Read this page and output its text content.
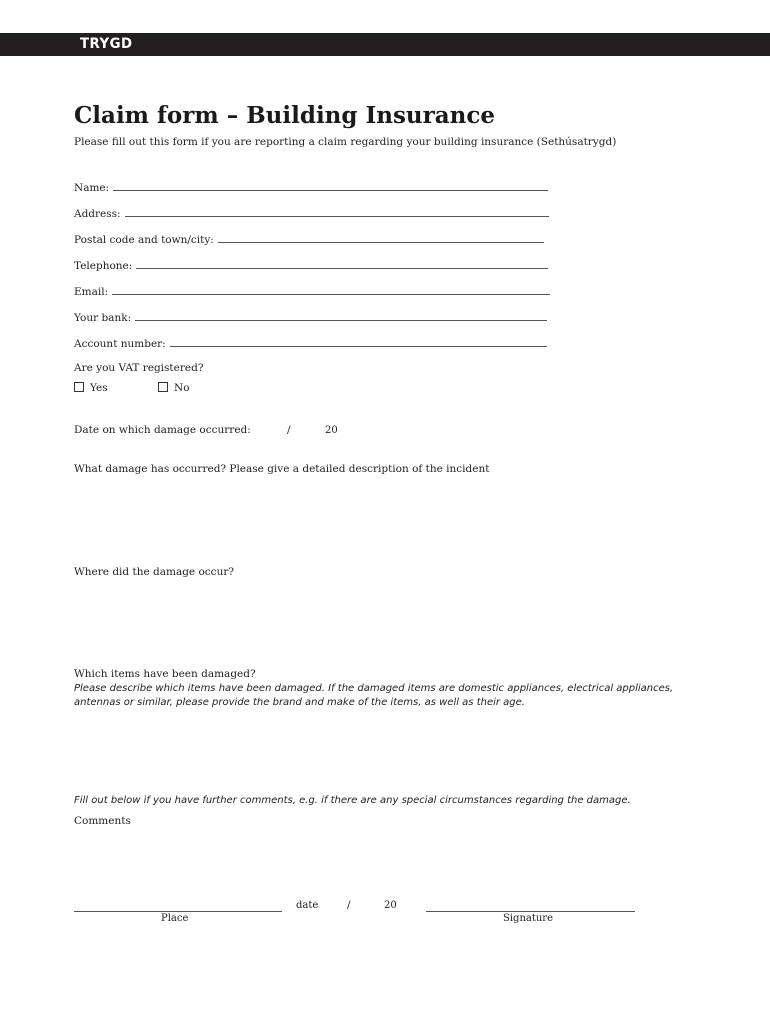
TRYGD
Claim form – Building Insurance
Please fill out this form if you are reporting a claim regarding your building insurance (Sethúsatrygd)
Name:
Address:
Postal code and town/city:
Telephone:
Email:
Your bank:
Account number:
Are you VAT registered?
Yes	No
Date on which damage occurred:	/	20
What damage has occurred? Please give a detailed description of the incident
Where did the damage occur?
Which items have been damaged?
Please describe which items have been damaged. If the damaged items are domestic appliances, electrical appliances,
antennas or similar, please provide the brand and make of the items, as well as their age.
Fill out below if you have further comments, e.g. if there are any special circumstances regarding the damage.
Comments
date	/	20
Place	Signature
